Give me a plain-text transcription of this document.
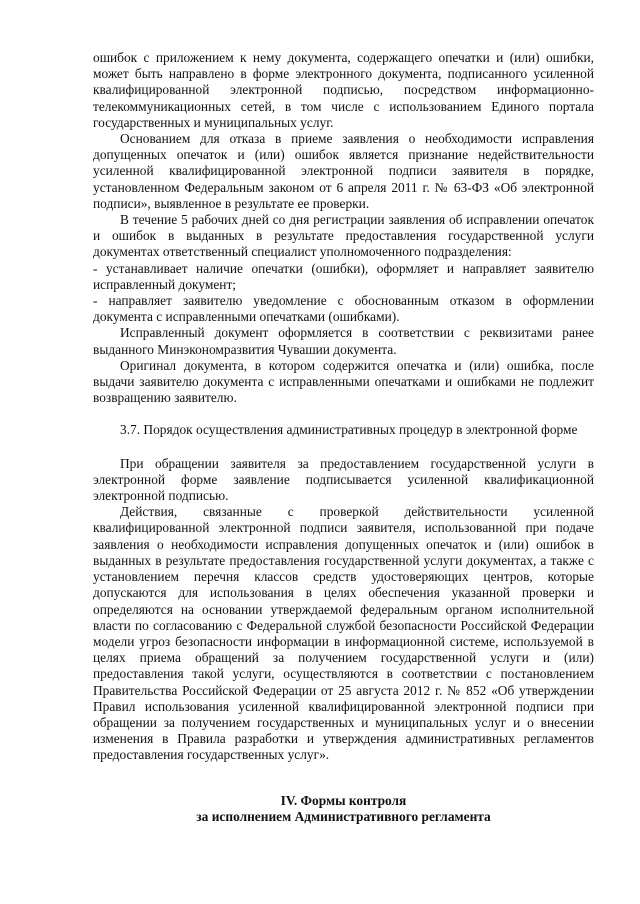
ошибок с приложением к нему документа, содержащего опечатки и (или) ошибки, может быть направлено в форме электронного документа, подписанного усиленной квалифицированной электронной подписью, посредством информационно-телекоммуникационных сетей, в том числе с использованием Единого портала государственных и муниципальных услуг.

Основанием для отказа в приеме заявления о необходимости исправления допущенных опечаток и (или) ошибок является признание недействительности усиленной квалифицированной электронной подписи заявителя в порядке, установленном Федеральным законом от 6 апреля 2011 г. № 63-ФЗ «Об электронной подписи», выявленное в результате ее проверки.

В течение 5 рабочих дней со дня регистрации заявления об исправлении опечаток и ошибок в выданных в результате предоставления государственной услуги документах ответственный специалист уполномоченного подразделения:

- устанавливает наличие опечатки (ошибки), оформляет и направляет заявителю исправленный документ;

- направляет заявителю уведомление с обоснованным отказом в оформлении документа с исправленными опечатками (ошибками).

Исправленный документ оформляется в соответствии с реквизитами ранее выданного Минэкономразвития Чувашии документа.

Оригинал документа, в котором содержится опечатка и (или) ошибка, после выдачи заявителю документа с исправленными опечатками и ошибками не подлежит возвращению заявителю.

3.7. Порядок осуществления административных процедур в электронной форме

При обращении заявителя за предоставлением государственной услуги в электронной форме заявление подписывается усиленной квалификационной электронной подписью.

Действия, связанные с проверкой действительности усиленной квалифицированной электронной подписи заявителя, использованной при подаче заявления о необходимости исправления допущенных опечаток и (или) ошибок в выданных в результате предоставления государственной услуги документах, а также с установлением перечня классов средств удостоверяющих центров, которые допускаются для использования в целях обеспечения указанной проверки и определяются на основании утверждаемой федеральным органом исполнительной власти по согласованию с Федеральной службой безопасности Российской Федерации модели угроз безопасности информации в информационной системе, используемой в целях приема обращений за получением государственной услуги и (или) предоставления такой услуги, осуществляются в соответствии с постановлением Правительства Российской Федерации от 25 августа 2012 г. № 852 «Об утверждении Правил использования усиленной квалифицированной электронной подписи при обращении за получением государственных и муниципальных услуг и о внесении изменения в Правила разработки и утверждения административных регламентов предоставления государственных услуг».

IV. Формы контроля
за исполнением Административного регламента
